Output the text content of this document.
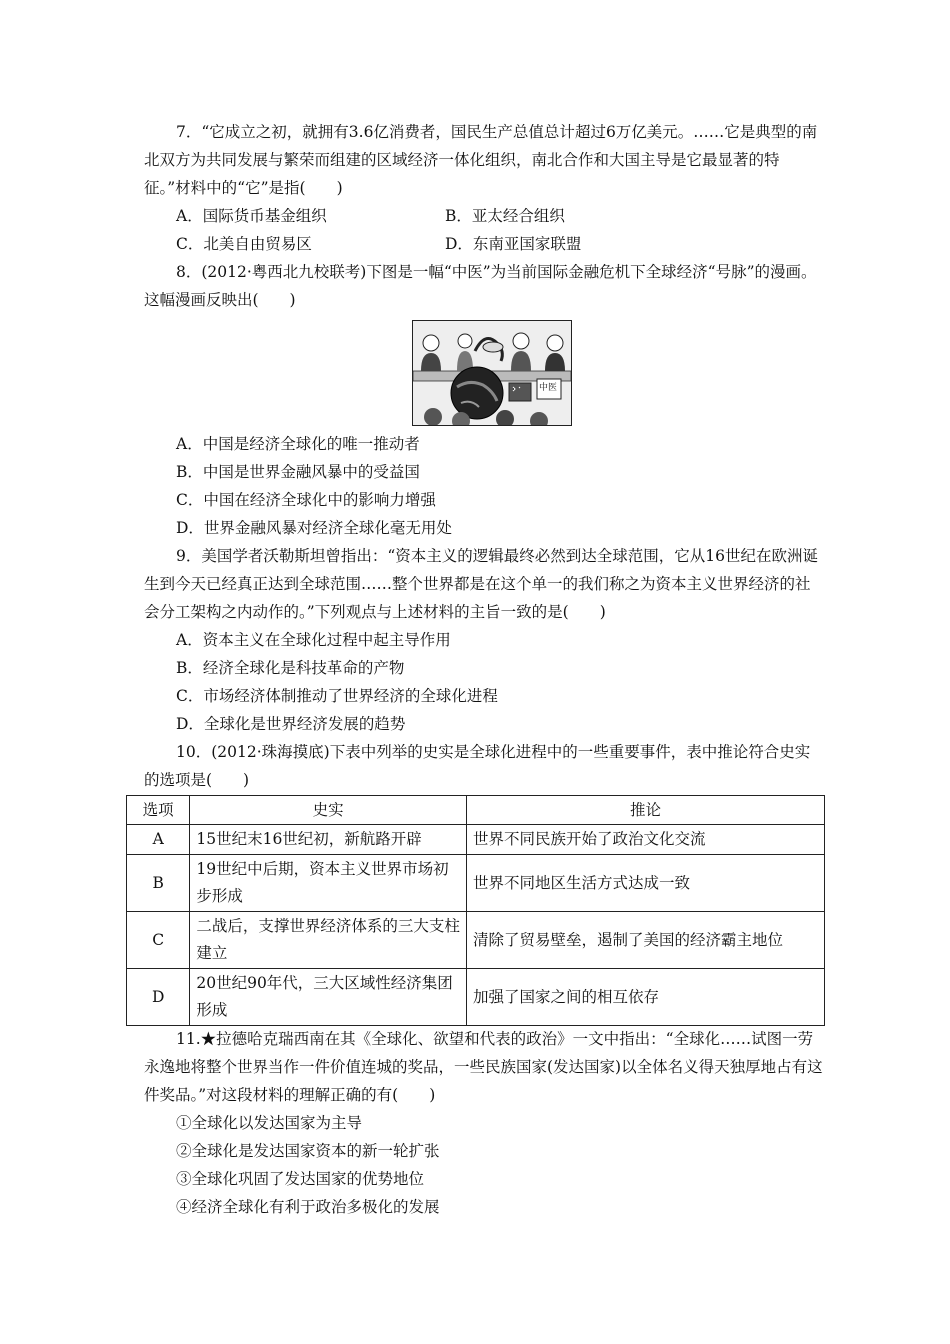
7．“它成立之初，就拥有3.6亿消费者，国民生产总值总计超过6万亿美元。……它是典型的南北双方为共同发展与繁荣而组建的区域经济一体化组织，南北合作和大国主导是它最显著的特征。”材料中的“它”是指(　　)
A．国际货币基金组织	B．亚太经合组织
C．北美自由贸易区	D．东南亚国家联盟
8．(2012·粤西北九校联考)下图是一幅“中医”为当前国际金融危机下全球经济“号脉”的漫画。这幅漫画反映出(　　)
中医
A．中国是经济全球化的唯一推动者
B．中国是世界金融风暴中的受益国
C．中国在经济全球化中的影响力增强
D．世界金融风暴对经济全球化毫无用处
9．美国学者沃勒斯坦曾指出：“资本主义的逻辑最终必然到达全球范围，它从16世纪在欧洲诞生到今天已经真正达到全球范围……整个世界都是在这个单一的我们称之为资本主义世界经济的社会分工架构之内动作的。”下列观点与上述材料的主旨一致的是(　　)
A．资本主义在全球化过程中起主导作用
B．经济全球化是科技革命的产物
C．市场经济体制推动了世界经济的全球化进程
D．全球化是世界经济发展的趋势
10．(2012·珠海摸底)下表中列举的史实是全球化进程中的一些重要事件，表中推论符合史实的选项是(　　)
选项	史实	推论
A	15世纪末16世纪初，新航路开辟	世界不同民族开始了政治文化交流
B	19世纪中后期，资本主义世界市场初步形成	世界不同地区生活方式达成一致
C	二战后，支撑世界经济体系的三大支柱建立	清除了贸易壁垒，遏制了美国的经济霸主地位
D	20世纪90年代，三大区域性经济集团形成	加强了国家之间的相互依存
11.★拉德哈克瑞西南在其《全球化、欲望和代表的政治》一文中指出：“全球化……试图一劳永逸地将整个世界当作一件价值连城的奖品，一些民族国家(发达国家)以全体名义得天独厚地占有这件奖品。”对这段材料的理解正确的有(　　)
①全球化以发达国家为主导
②全球化是发达国家资本的新一轮扩张
③全球化巩固了发达国家的优势地位
④经济全球化有利于政治多极化的发展
